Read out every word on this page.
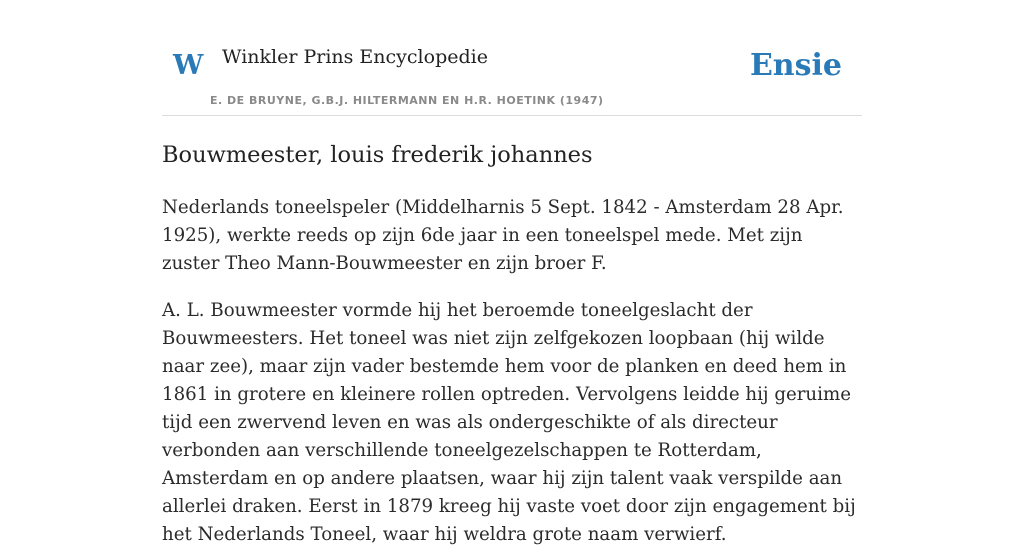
W Winkler Prins Encyclopedie
E. DE BRUYNE, G.B.J. HILTERMANN EN H.R. HOETINK (1947)
Ensie
Bouwmeester, louis frederik johannes

Nederlands toneelspeler (Middelharnis 5 Sept. 1842 - Amsterdam 28 Apr. 1925), werkte reeds op zijn 6de jaar in een toneelspel mede. Met zijn zuster Theo Mann-Bouwmeester en zijn broer F.

A. L. Bouwmeester vormde hij het beroemde toneelgeslacht der Bouwmeesters. Het toneel was niet zijn zelfgekozen loopbaan (hij wilde naar zee), maar zijn vader bestemde hem voor de planken en deed hem in 1861 in grotere en kleinere rollen optreden. Vervolgens leidde hij geruime tijd een zwervend leven en was als ondergeschikte of als directeur verbonden aan verschillende toneelgezelschappen te Rotterdam, Amsterdam en op andere plaatsen, waar hij zijn talent vaak verspilde aan allerlei draken. Eerst in 1879 kreeg hij vaste voet door zijn engagement bij het Nederlands Toneel, waar hij weldra grote naam verwierf.
